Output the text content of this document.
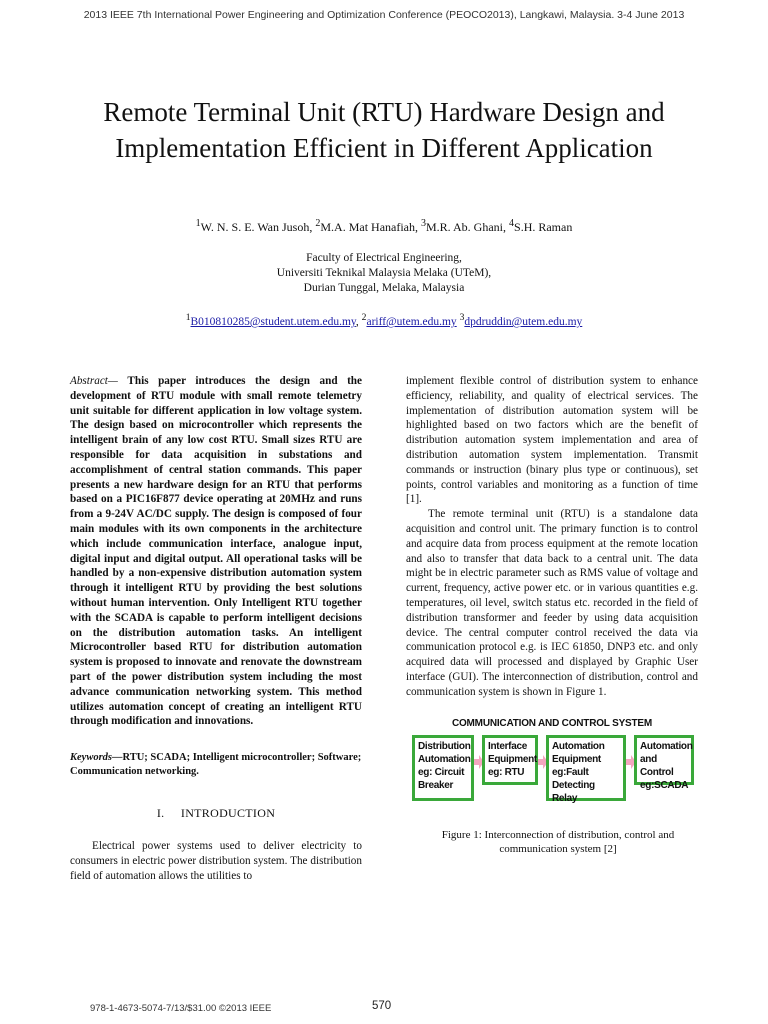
2013 IEEE 7th International Power Engineering and Optimization Conference (PEOCO2013), Langkawi, Malaysia. 3-4 June 2013
Remote Terminal Unit (RTU) Hardware Design and Implementation Efficient in Different Application
$^1$W. N. S. E. Wan Jusoh, $^2$M.A. Mat Hanafiah, $^3$M.R. Ab. Ghani, $^4$S.H. Raman
Faculty of Electrical Engineering,
Universiti Teknikal Malaysia Melaka (UTeM),
Durian Tunggal, Melaka, Malaysia
$^1$B010810285@student.utem.edu.my, $^2$ariff@utem.edu.my $^3$dpdruddin@utem.edu.my

Abstract— This paper introduces the design and the development of RTU module with small remote telemetry unit suitable for different application in low voltage system. The design based on microcontroller which represents the intelligent brain of any low cost RTU. Small sizes RTU are responsible for data acquisition in substations and accomplishment of central station commands. This paper presents a new hardware design for an RTU that performs based on a PIC16F877 device operating at 20MHz and runs from a 9-24V AC/DC supply. The design is composed of four main modules with its own components in the architecture which include communication interface, analogue input, digital input and digital output. All operational tasks will be handled by a non-expensive distribution automation system through it intelligent RTU by providing the best solutions without human intervention. Only Intelligent RTU together with the SCADA is capable to perform intelligent decisions on the distribution automation tasks. An intelligent Microcontroller based RTU for distribution automation system is proposed to innovate and renovate the downstream part of the power distribution system including the most advance communication networking system. This method utilizes automation concept of creating an intelligent RTU through modification and innovations.

Keywords—RTU; SCADA; Intelligent microcontroller; Software; Communication networking.

I.     INTRODUCTION

Electrical power systems used to deliver electricity to consumers in electric power distribution system. The distribution field of automation allows the utilities to

implement flexible control of distribution system to enhance efficiency, reliability, and quality of electrical services. The implementation of distribution automation system will be highlighted based on two factors which are the benefit of distribution automation system implementation and area of distribution automation system implementation. Transmit commands or instruction (binary plus type or continuous), set points, control variables and monitoring as a function of time [1].

The remote terminal unit (RTU) is a standalone data acquisition and control unit. The primary function is to control and acquire data from process equipment at the remote location and also to transfer that data back to a central unit. The data might be in electric parameter such as RMS value of voltage and current, frequency, active power etc. or in various quantities e.g. temperatures, oil level, switch status etc. recorded in the field of distribution transformer and feeder by using data acquisition device. The central computer control received the data via communication protocol e.g. is IEC 61850, DNP3 etc. and only acquired data will processed and displayed by Graphic User interface (GUI). The interconnection of distribution, control and communication system is shown in Figure 1.

COMMUNICATION AND CONTROL SYSTEM
Distribution Automation eg: Circuit Breaker
Interface Equipment eg: RTU
Automation Equipment eg:Fault Detecting Relay
Automation and Control eg:SCADA
Figure 1: Interconnection of distribution, control and communication system [2]
978-1-4673-5074-7/13/$31.00 ©2013 IEEE	570
